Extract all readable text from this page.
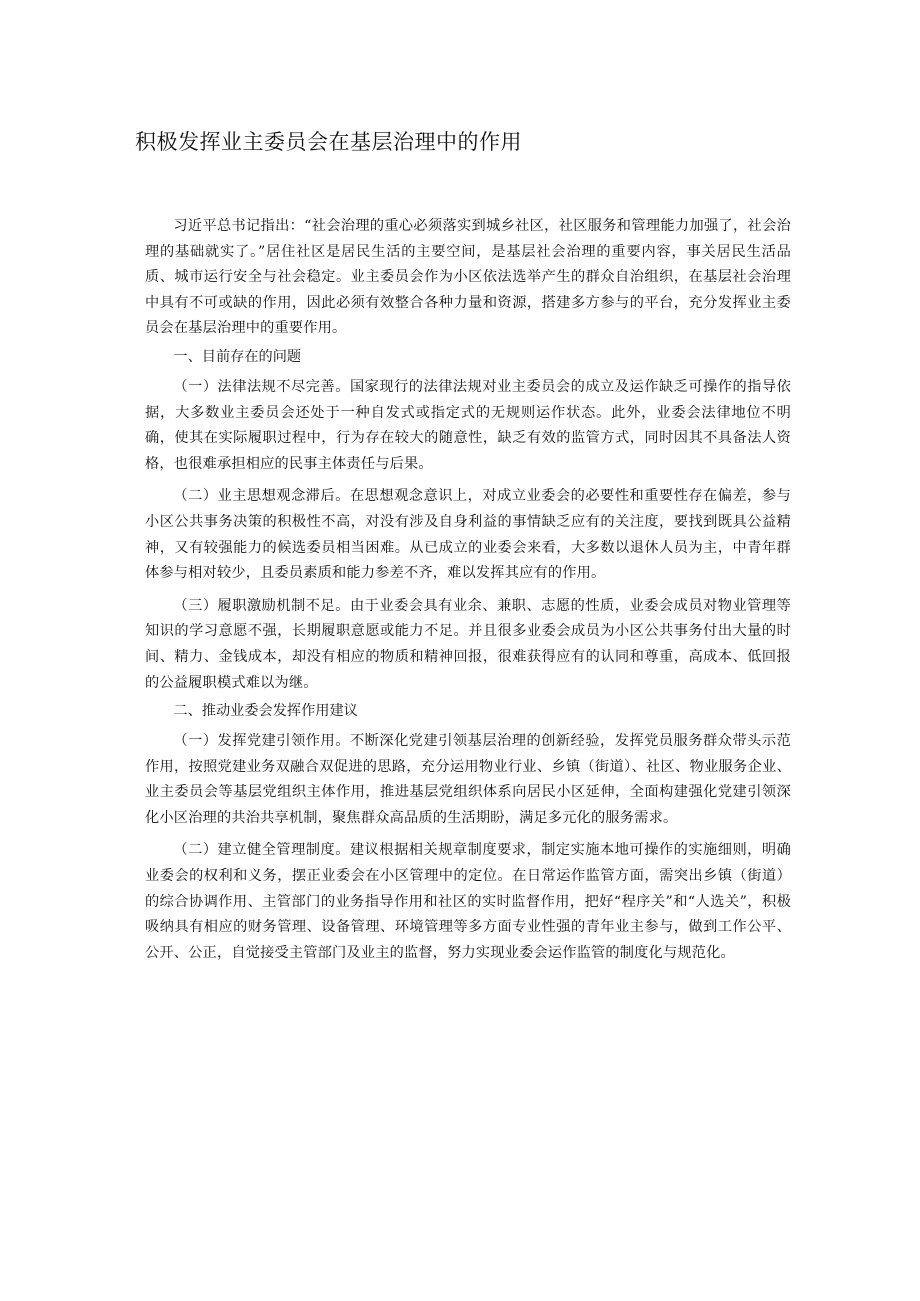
积极发挥业主委员会在基层治理中的作用

习近平总书记指出：“社会治理的重心必须落实到城乡社区，社区服务和管理能力加强了，社会治理的基础就实了。”居住社区是居民生活的主要空间，是基层社会治理的重要内容，事关居民生活品质、城市运行安全与社会稳定。业主委员会作为小区依法选举产生的群众自治组织，在基层社会治理中具有不可或缺的作用，因此必须有效整合各种力量和资源，搭建多方参与的平台，充分发挥业主委员会在基层治理中的重要作用。

一、目前存在的问题

（一）法律法规不尽完善。国家现行的法律法规对业主委员会的成立及运作缺乏可操作的指导依据，大多数业主委员会还处于一种自发式或指定式的无规则运作状态。此外，业委会法律地位不明确，使其在实际履职过程中，行为存在较大的随意性，缺乏有效的监管方式，同时因其不具备法人资格，也很难承担相应的民事主体责任与后果。

（二）业主思想观念滞后。在思想观念意识上，对成立业委会的必要性和重要性存在偏差，参与小区公共事务决策的积极性不高，对没有涉及自身利益的事情缺乏应有的关注度，要找到既具公益精神，又有较强能力的候选委员相当困难。从已成立的业委会来看，大多数以退休人员为主，中青年群体参与相对较少，且委员素质和能力参差不齐，难以发挥其应有的作用。

（三）履职激励机制不足。由于业委会具有业余、兼职、志愿的性质，业委会成员对物业管理等知识的学习意愿不强，长期履职意愿或能力不足。并且很多业委会成员为小区公共事务付出大量的时间、精力、金钱成本，却没有相应的物质和精神回报，很难获得应有的认同和尊重，高成本、低回报的公益履职模式难以为继。

二、推动业委会发挥作用建议

（一）发挥党建引领作用。不断深化党建引领基层治理的创新经验，发挥党员服务群众带头示范作用，按照党建业务双融合双促进的思路，充分运用物业行业、乡镇（街道）、社区、物业服务企业、业主委员会等基层党组织主体作用，推进基层党组织体系向居民小区延伸，全面构建强化党建引领深化小区治理的共治共享机制，聚焦群众高品质的生活期盼，满足多元化的服务需求。

（二）建立健全管理制度。建议根据相关规章制度要求，制定实施本地可操作的实施细则，明确业委会的权利和义务，摆正业委会在小区管理中的定位。在日常运作监管方面，需突出乡镇（街道）的综合协调作用、主管部门的业务指导作用和社区的实时监督作用，把好“程序关”和“人选关”，积极吸纳具有相应的财务管理、设备管理、环境管理等多方面专业性强的青年业主参与，做到工作公平、公开、公正，自觉接受主管部门及业主的监督，努力实现业委会运作监管的制度化与规范化。
